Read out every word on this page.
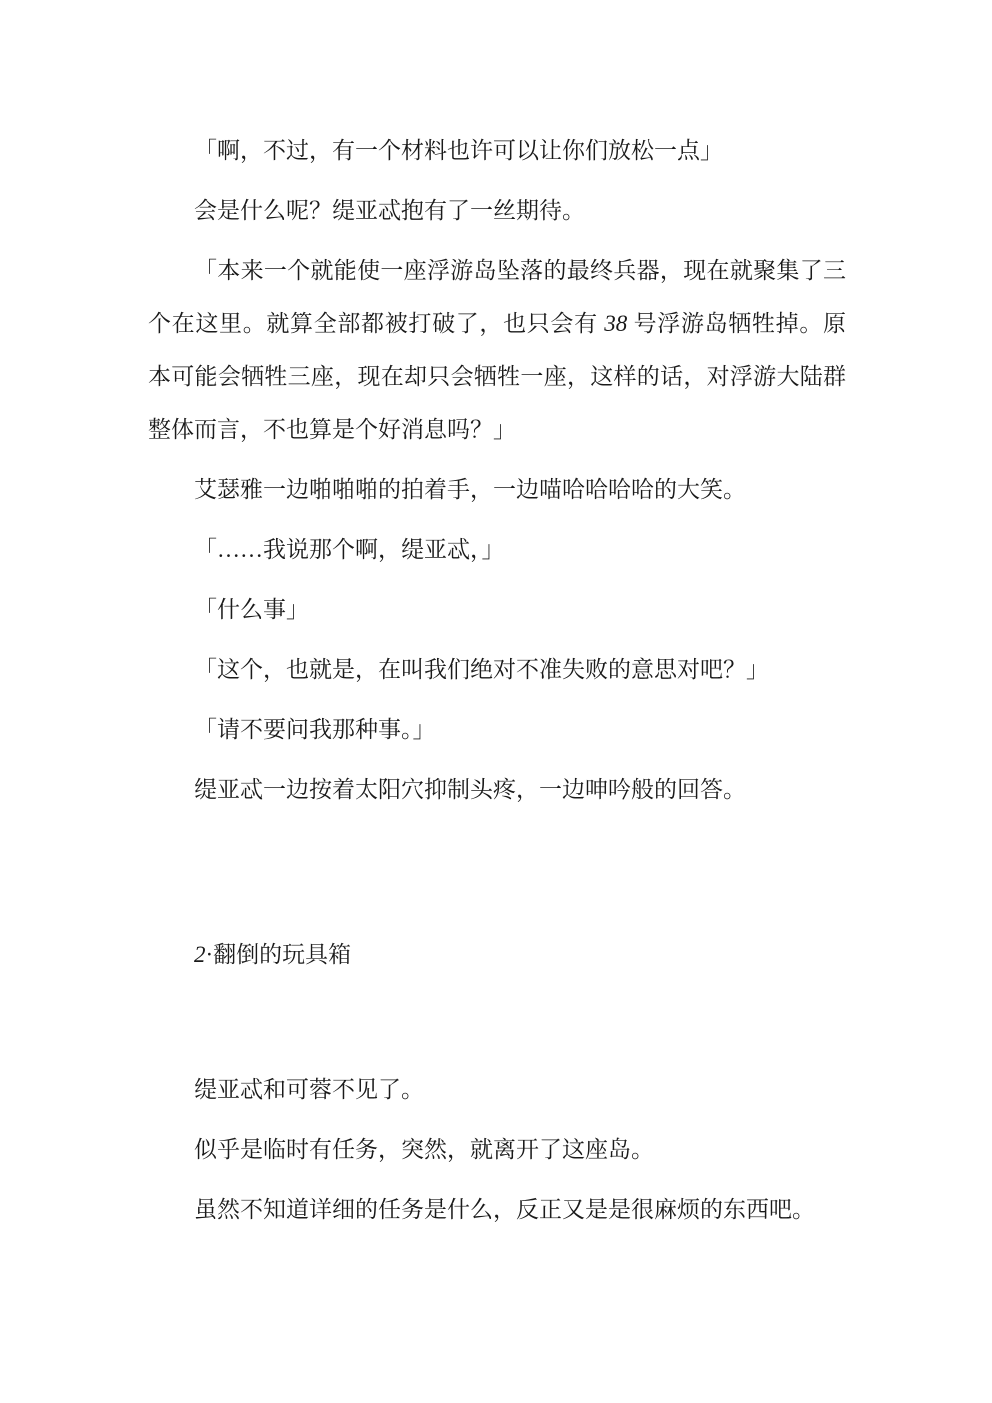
「啊，不过，有一个材料也许可以让你们放松一点」

会是什么呢？缇亚忒抱有了一丝期待。

「本来一个就能使一座浮游岛坠落的最终兵器，现在就聚集了三个在这里。就算全部都被打破了，也只会有 38 号浮游岛牺牲掉。原本可能会牺牲三座，现在却只会牺牲一座，这样的话，对浮游大陆群整体而言，不也算是个好消息吗？」

艾瑟雅一边啪啪啪的拍着手，一边喵哈哈哈哈的大笑。

「……我说那个啊，缇亚忒，」

「什么事」

「这个，也就是，在叫我们绝对不准失败的意思对吧？」

「请不要问我那种事。」

缇亚忒一边按着太阳穴抑制头疼，一边呻吟般的回答。

2·翻倒的玩具箱

缇亚忒和可蓉不见了。

似乎是临时有任务，突然，就离开了这座岛。

虽然不知道详细的任务是什么，反正又是是很麻烦的东西吧。
